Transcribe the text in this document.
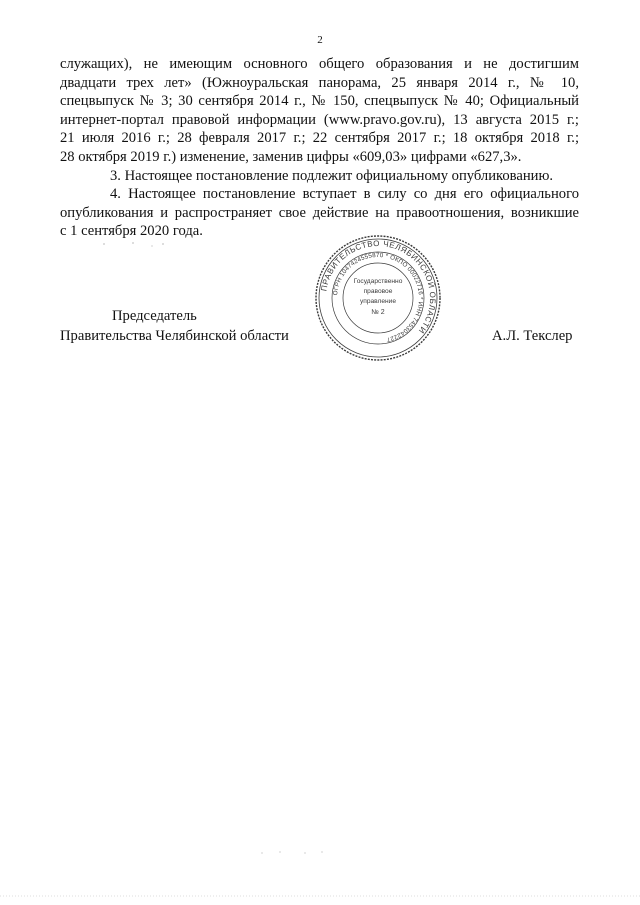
2
служащих), не имеющим основного общего образования и не достигшим
двадцати трех лет» (Южноуральская панорама, 25 января 2014 г., № 10,
спецвыпуск № 3; 30 сентября 2014 г., № 150, спецвыпуск № 40; Официальный
интернет-портал правовой информации (www.pravo.gov.ru), 13 августа 2015 г.;
21 июля 2016 г.; 28 февраля 2017 г.; 22 сентября 2017 г.; 18 октября 2018 г.;
28 октября 2019 г.) изменение, заменив цифры «609,03» цифрами «627,3».
3. Настоящее постановление подлежит официальному опубликованию.
4. Настоящее постановление вступает в силу со дня его официального
опубликования и распространяет свое действие на правоотношения, возникшие
с 1 сентября 2020 года.
Председатель
Правительства Челябинской области	А.Л. Текслер
ПРАВИТЕЛЬСТВО ЧЕЛЯБИНСКОЙ ОБЛАСТИ
ОГРН 1047424555870 * ОКПО 00022716 * ИНН 7453042227
Государственно
правовое
управление
№ 2
